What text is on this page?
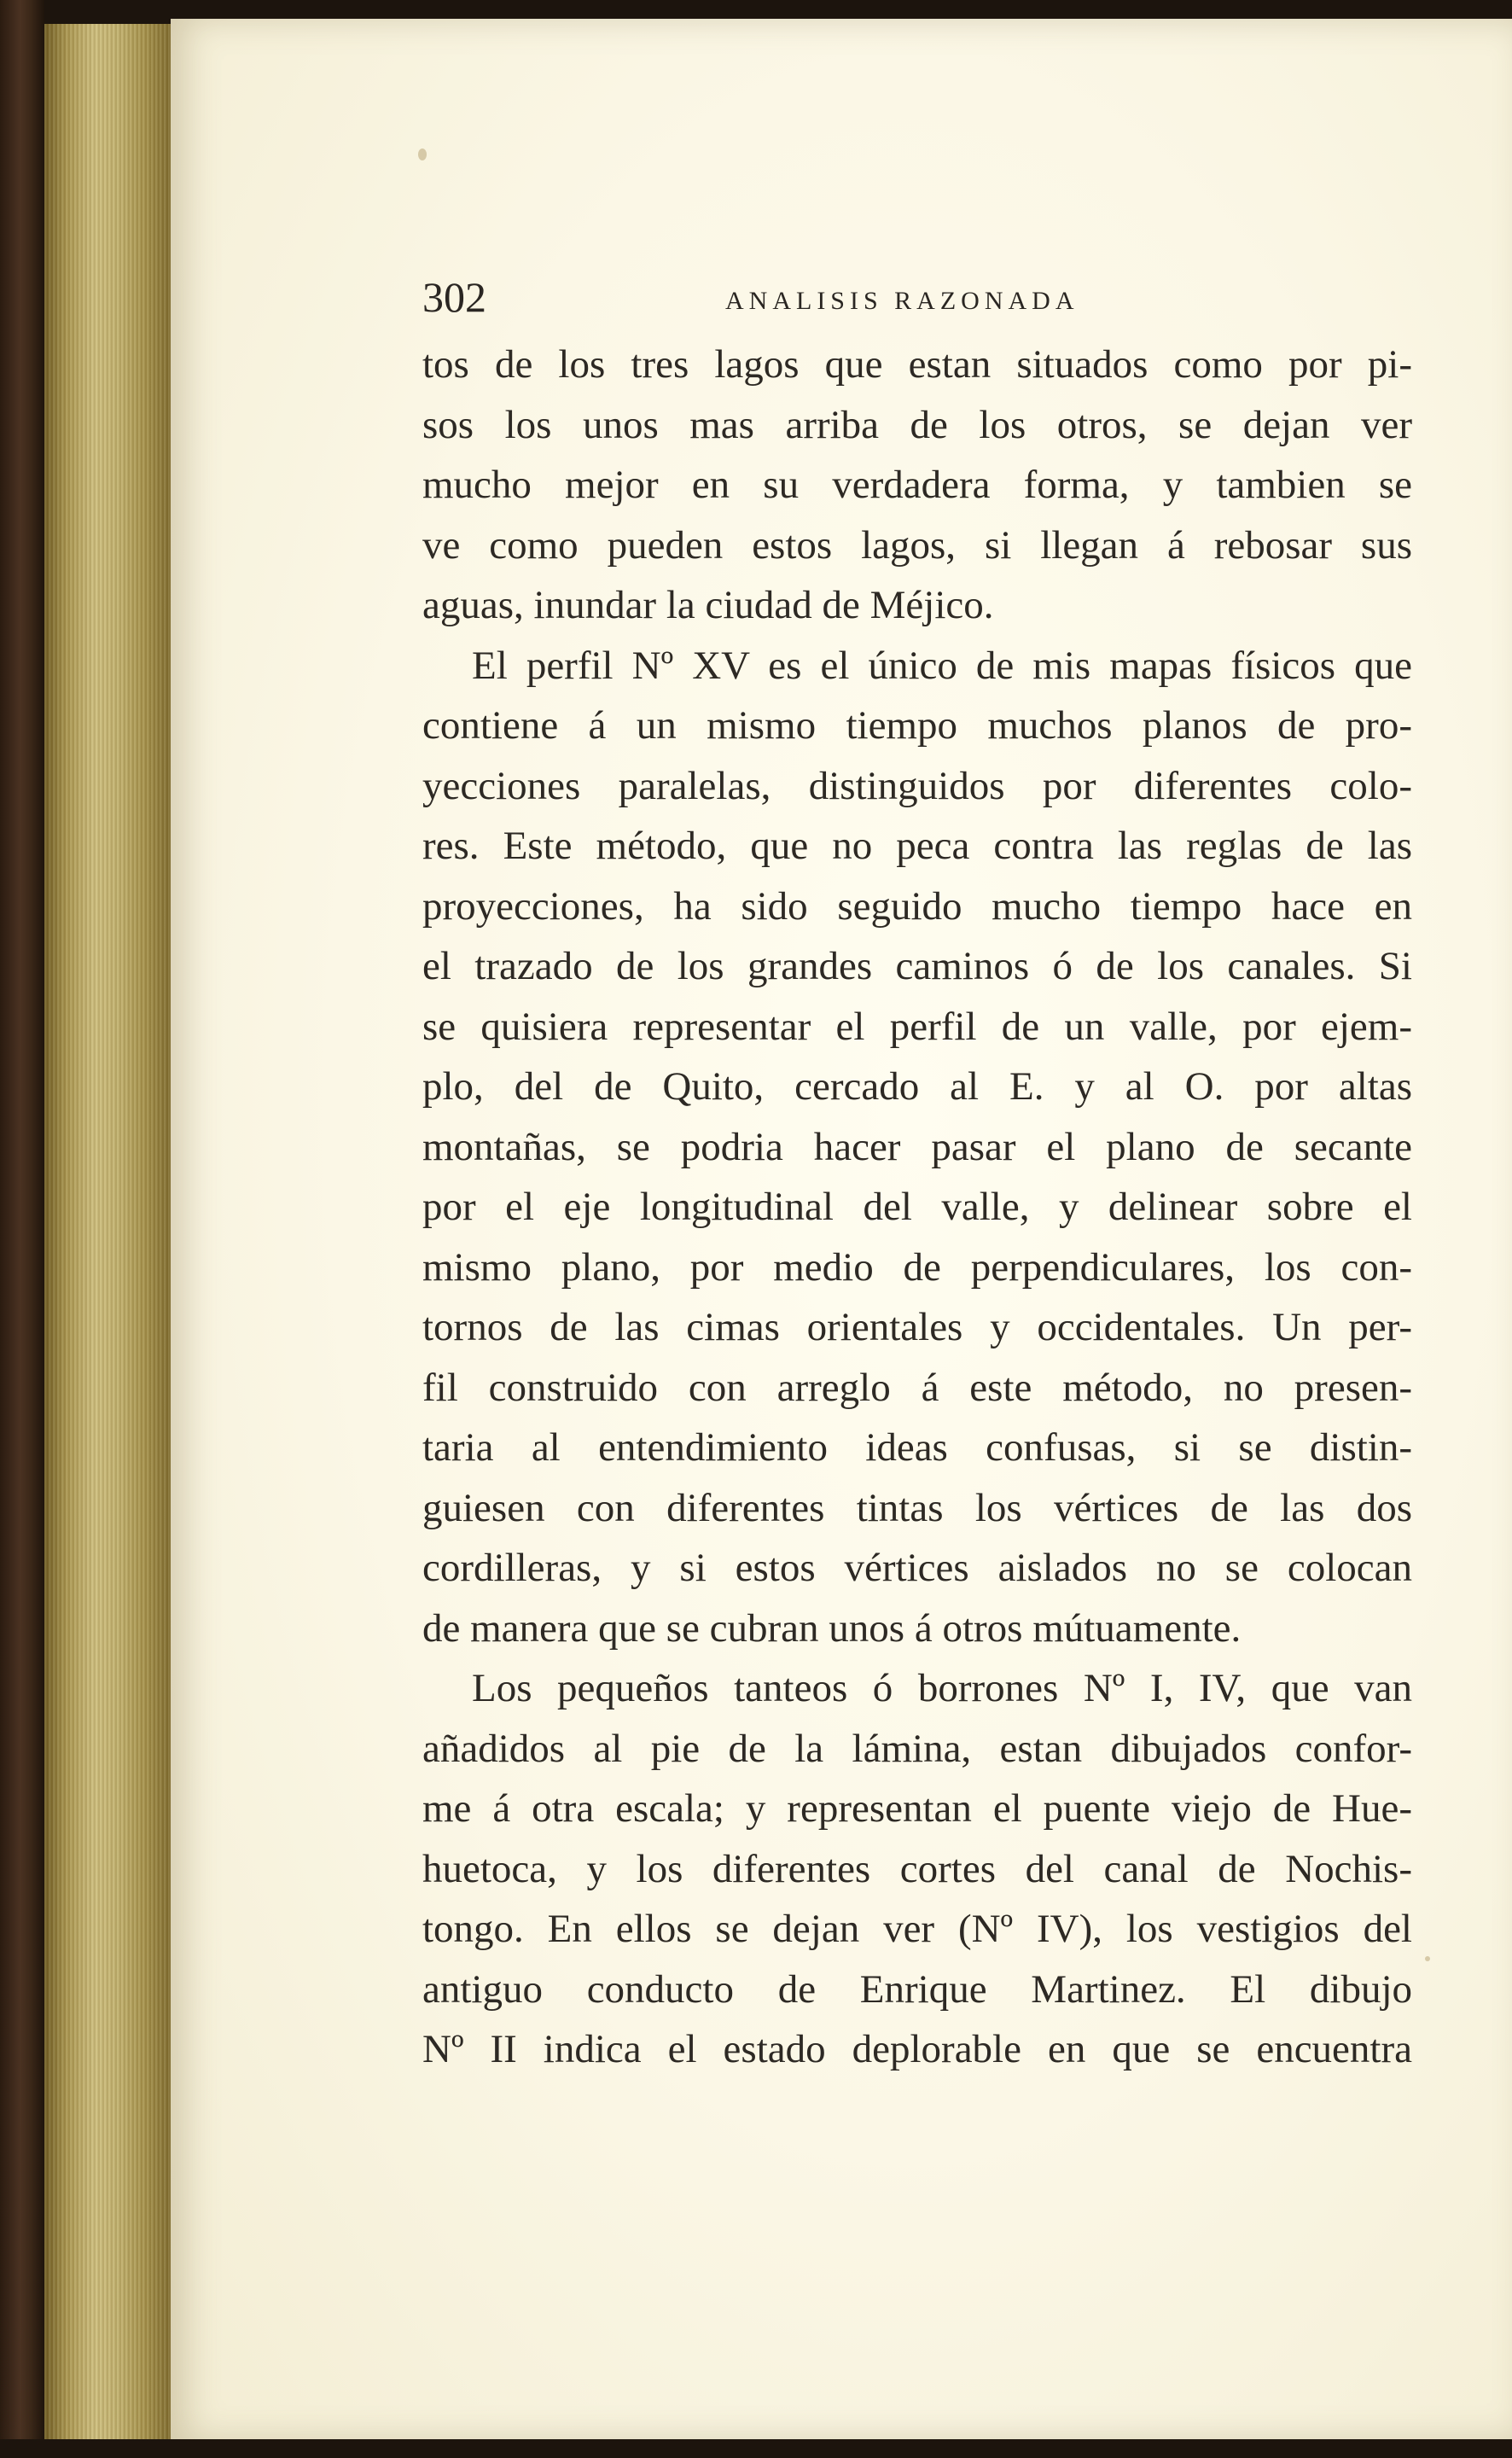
302	ANALISIS RAZONADA
tos de los tres lagos que estan situados como por pi-
sos los unos mas arriba de los otros, se dejan ver
mucho mejor en su verdadera forma, y tambien se
ve como pueden estos lagos, si llegan á rebosar sus
aguas, inundar la ciudad de Méjico.
El perfil Nº XV es el único de mis mapas físicos que
contiene á un mismo tiempo muchos planos de pro-
yecciones paralelas, distinguidos por diferentes colo-
res. Este método, que no peca contra las reglas de las
proyecciones, ha sido seguido mucho tiempo hace en
el trazado de los grandes caminos ó de los canales. Si
se quisiera representar el perfil de un valle, por ejem-
plo, del de Quito, cercado al E. y al O. por altas
montañas, se podria hacer pasar el plano de secante
por el eje longitudinal del valle, y delinear sobre el
mismo plano, por medio de perpendiculares, los con-
tornos de las cimas orientales y occidentales. Un per-
fil construido con arreglo á este método, no presen-
taria al entendimiento ideas confusas, si se distin-
guiesen con diferentes tintas los vértices de las dos
cordilleras, y si estos vértices aislados no se colocan
de manera que se cubran unos á otros mútuamente.
Los pequeños tanteos ó borrones Nº I, IV, que van
añadidos al pie de la lámina, estan dibujados confor-
me á otra escala; y representan el puente viejo de Hue-
huetoca, y los diferentes cortes del canal de Nochis-
tongo. En ellos se dejan ver (Nº IV), los vestigios del
antiguo conducto de Enrique Martinez. El dibujo
Nº II indica el estado deplorable en que se encuentra
